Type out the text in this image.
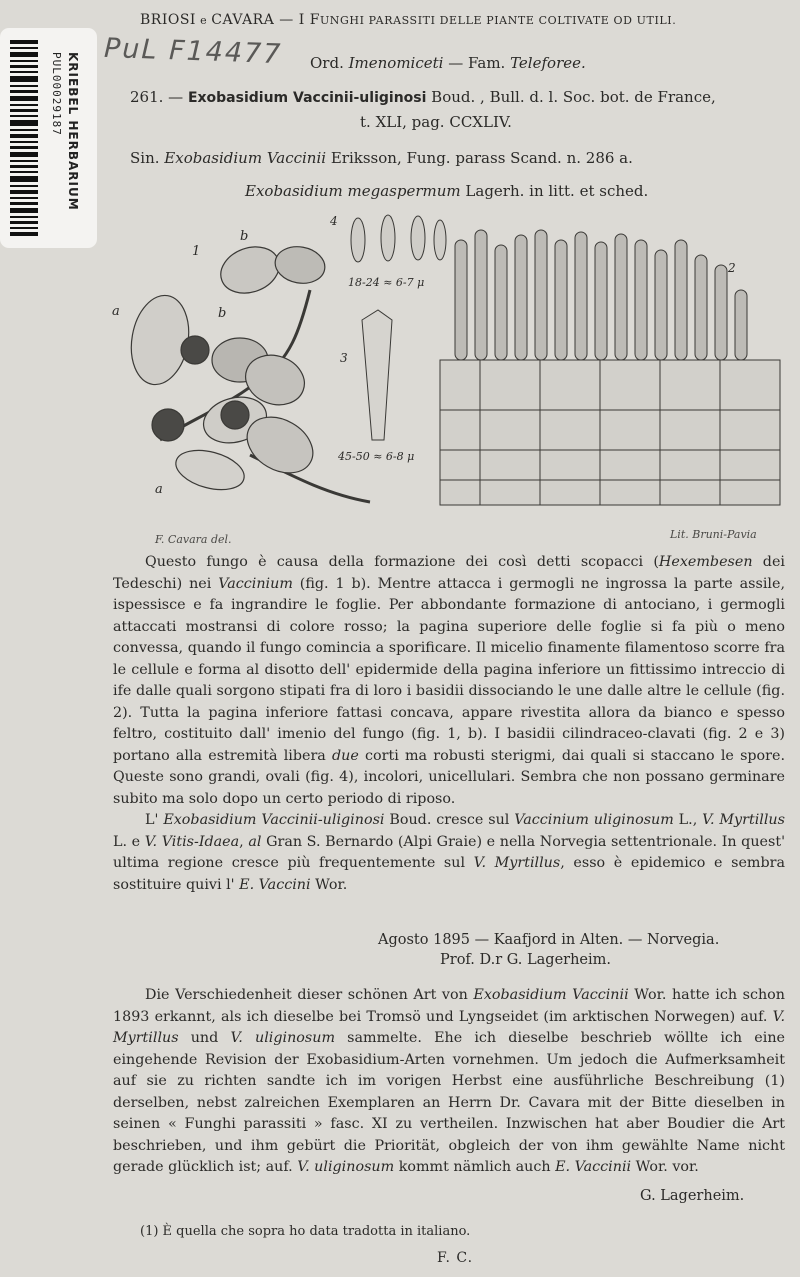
BRIOSI e CAVARA — I FUNGHI PARASSITI DELLE PIANTE COLTIVATE OD UTILI.
PUL00029187 KRIEBEL HERBARIUM
PuL F14477 Ord. Imenomiceti — Fam. Teleforee.
261. — Exobasidium Vaccinii-uliginosi Boud. , Bull. d. l. Soc. bot. de France,
t. XLI, pag. CCXLIV.
Sin. Exobasidium Vaccinii Eriksson, Fung. parass Scand. n. 286 a.
Exobasidium megaspermum Lagerh. in litt. et sched.
1
b
a	b
a
4
18-24 ≈ 6-7 μ
3
45-50 ≈ 6-8 μ
2
F. Cavara del.	Lit. Bruni-Pavia

Questo fungo è causa della formazione dei così detti scopacci (Hexembesen dei Tedeschi) nei Vaccinium (fig. 1 b). Mentre attacca i germogli ne ingrossa la parte assile, ispessisce e fa ingrandire le foglie. Per abbondante formazione di antociano, i germogli attaccati mostransi di colore rosso; la pagina superiore delle foglie si fa più o meno convessa, quando il fungo comincia a sporificare. Il micelio finamente filamentoso scorre fra le cellule e forma al disotto dell' epidermide della pagina inferiore un fittissimo intreccio di ife dalle quali sorgono stipati fra di loro i basidii dissociando le une dalle altre le cellule (fig. 2). Tutta la pagina inferiore fattasi concava, appare rivestita allora da bianco e spesso feltro, costituito dall' imenio del fungo (fig. 1, b). I basidii cilindraceo-clavati (fig. 2 e 3) portano alla estremità libera due corti ma robusti sterigmi, dai quali si staccano le spore. Queste sono grandi, ovali (fig. 4), incolori, unicellulari. Sembra che non possano germinare subito ma solo dopo un certo periodo di riposo.

L' Exobasidium Vaccinii-uliginosi Boud. cresce sul Vaccinium uliginosum L., V. Myrtillus L. e V. Vitis-Idaea, al Gran S. Bernardo (Alpi Graie) e nella Norvegia settentrionale. In quest' ultima regione cresce più frequentemente sul V. Myrtillus, esso è epidemico e sembra sostituire quivi l' E. Vaccini Wor.

Agosto 1895 — Kaafjord in Alten. — Norvegia.
Prof. D.r G. Lagerheim.

Die Verschiedenheit dieser schönen Art von Exobasidium Vaccinii Wor. hatte ich schon 1893 erkannt, als ich dieselbe bei Tromsö und Lyngseidet (im arktischen Norwegen) auf. V. Myrtillus und V. uliginosum sammelte. Ehe ich dieselbe beschrieb wöllte ich eine eingehende Revision der Exobasidium-Arten vornehmen. Um jedoch die Aufmerksamheit auf sie zu richten sandte ich im vorigen Herbst eine ausführliche Beschreibung (1) derselben, nebst zalreichen Exemplaren an Herrn Dr. Cavara mit der Bitte dieselben in seinen « Funghi parassiti » fasc. XI zu vertheilen. Inzwischen hat aber Boudier die Art beschrieben, und ihm gebürt die Priorität, obgleich der von ihm gewählte Name nicht gerade glücklich ist; auf. V. uliginosum kommt nämlich auch E. Vaccinii Wor. vor.

G. Lagerheim.
(1) È quella che sopra ho data tradotta in italiano.
F. C.
